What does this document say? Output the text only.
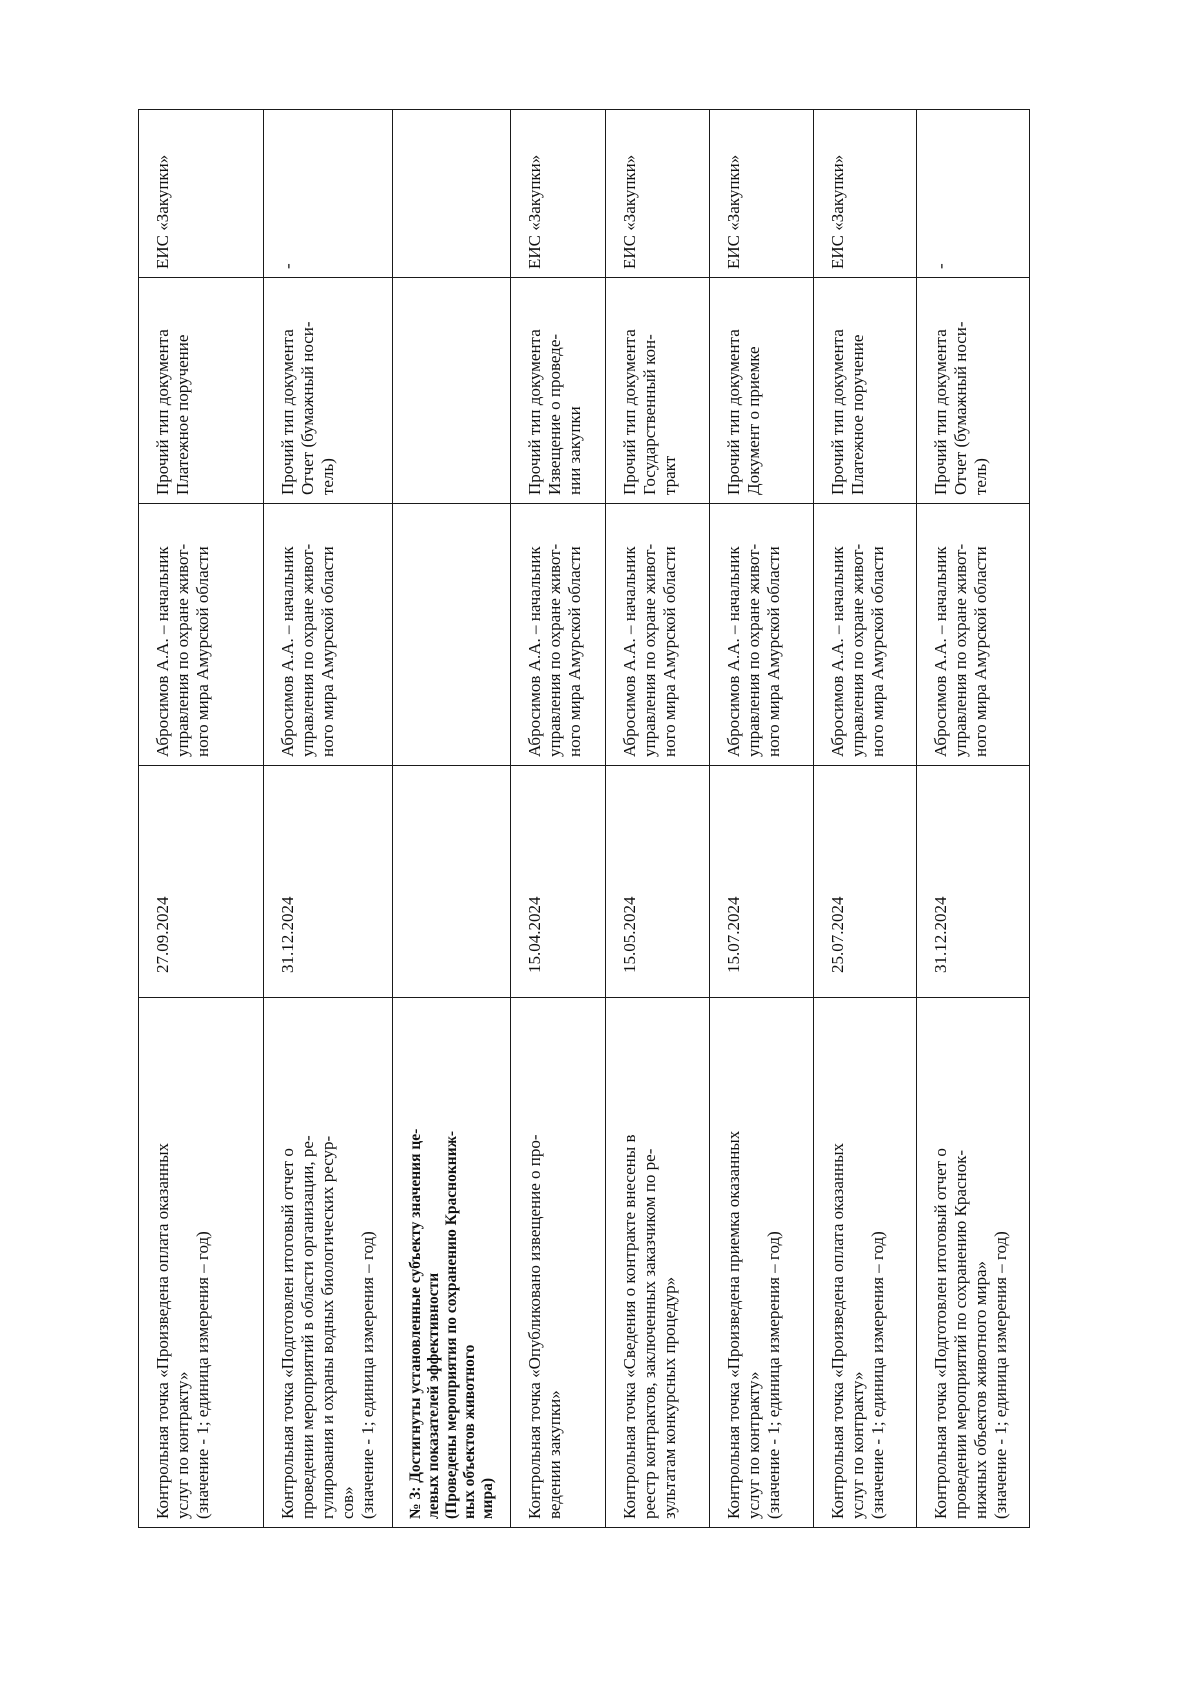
Контрольная точка «Произведена оплата оказанных услуг по контракту» (значение - 1; единица измерения – год)	27.09.2024	Абросимов А.А. – начальник управления по охране живот- ного мира Амурской области	Прочий тип документа Платежное поручение	ЕИС «Закупки»

Контрольная точка «Подготовлен итоговый отчет о проведении мероприятий в области организации, ре- гулирования и охраны водных биологических ресур- сов» (значение - 1; единица измерения – год)	31.12.2024	Абросимов А.А. – начальник управления по охране живот- ного мира Амурской области	Прочий тип документа Отчет (бумажный носи- тель)	-

№ 3: Достигнуты установленные субъекту значения це- левых показателей эффективности (Проведены мероприятия по сохранению Краснокниж- ных объектов животного мира)				

Контрольная точка «Опубликовано извещение о про- ведении закупки»	15.04.2024	Абросимов А.А. – начальник управления по охране живот- ного мира Амурской области	Прочий тип документа Извещение о проведе- нии закупки	ЕИС «Закупки»

Контрольная точка «Сведения о контракте внесены в реестр контрактов, заключенных заказчиком по ре- зультатам конкурсных процедур»	15.05.2024	Абросимов А.А. – начальник управления по охране живот- ного мира Амурской области	Прочий тип документа Государственный кон- тракт	ЕИС «Закупки»

Контрольная точка «Произведена приемка оказанных услуг по контракту» (значение - 1; единица измерения – год)	15.07.2024	Абросимов А.А. – начальник управления по охране живот- ного мира Амурской области	Прочий тип документа Документ о приемке	ЕИС «Закупки»

Контрольная точка «Произведена оплата оказанных услуг по контракту» (значение - 1; единица измерения – год)	25.07.2024	Абросимов А.А. – начальник управления по охране живот- ного мира Амурской области	Прочий тип документа Платежное поручение	ЕИС «Закупки»

Контрольная точка «Подготовлен итоговый отчет о проведении мероприятий по сохранению Краснок- нижных объектов животного мира» (значение - 1; единица измерения – год)	31.12.2024	Абросимов А.А. – начальник управления по охране живот- ного мира Амурской области	Прочий тип документа Отчет (бумажный носи- тель)	-
